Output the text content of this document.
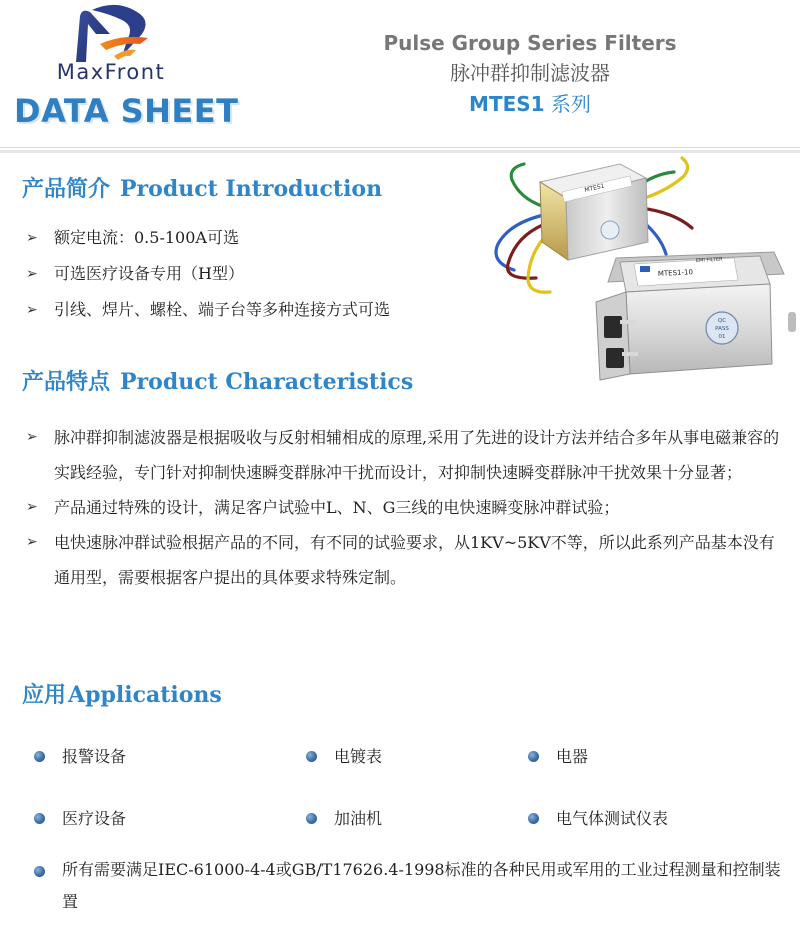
MaxFront
DATA SHEET
Pulse Group Series Filters
脉冲群抑制滤波器
MTES1 系列
MTES1
MTES1-10
EMI FILTER
QC
PASS
01
产品简介 Product Introduction
➢ 额定电流：0.5-100A可选
➢ 可选医疗设备专用（H型）
➢ 引线、焊片、螺栓、端子台等多种连接方式可选
产品特点 Product Characteristics
➢ 脉冲群抑制滤波器是根据吸收与反射相辅相成的原理,采用了先进的设计方法并结合多年从事电磁兼容的实践经验，专门针对抑制快速瞬变群脉冲干扰而设计，对抑制快速瞬变群脉冲干扰效果十分显著；
➢ 产品通过特殊的设计，满足客户试验中L、N、G三线的电快速瞬变脉冲群试验；
➢ 电快速脉冲群试验根据产品的不同，有不同的试验要求，从1KV~5KV不等，所以此系列产品基本没有通用型，需要根据客户提出的具体要求特殊定制。
应用Applications
报警设备	电镀表	电器
医疗设备	加油机	电气体测试仪表
所有需要满足IEC-61000-4-4或GB/T17626.4-1998标准的各种民用或军用的工业过程测量和控制装置
